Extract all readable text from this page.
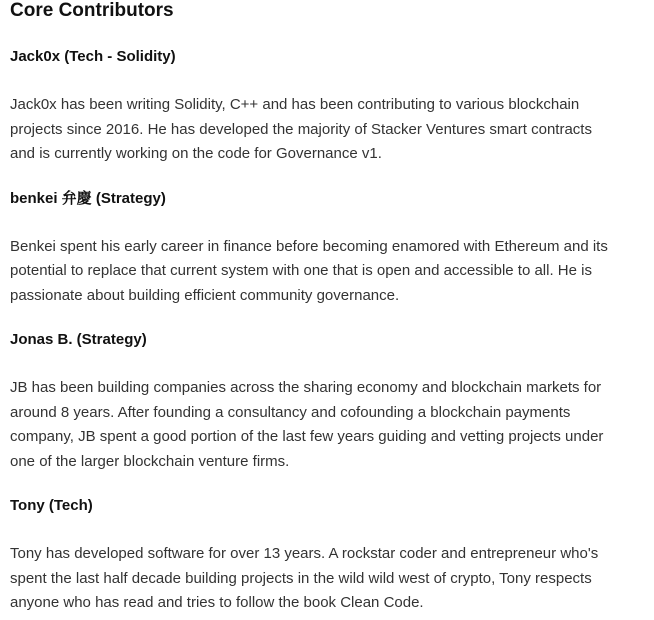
Core Contributors
Jack0x (Tech - Solidity)

Jack0x has been writing Solidity, C++ and has been contributing to various blockchain projects since 2016. He has developed the majority of Stacker Ventures smart contracts and is currently working on the code for Governance v1.

benkei 弁慶 (Strategy)

Benkei spent his early career in finance before becoming enamored with Ethereum and its potential to replace that current system with one that is open and accessible to all. He is passionate about building efficient community governance.

Jonas B. (Strategy)

JB has been building companies across the sharing economy and blockchain markets for around 8 years. After founding a consultancy and cofounding a blockchain payments company, JB spent a good portion of the last few years guiding and vetting projects under one of the larger blockchain venture firms.

Tony (Tech)

Tony has developed software for over 13 years. A rockstar coder and entrepreneur who's spent the last half decade building projects in the wild wild west of crypto, Tony respects anyone who has read and tries to follow the book Clean Code.
